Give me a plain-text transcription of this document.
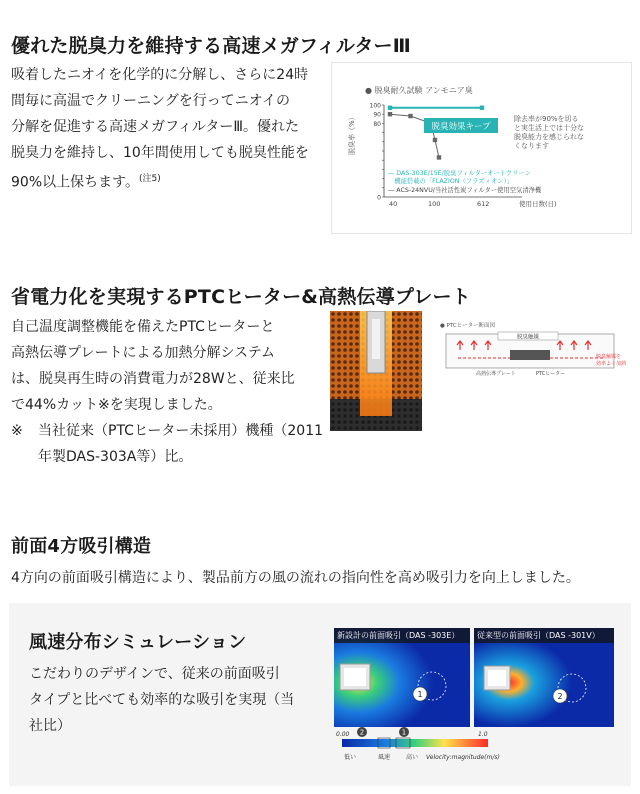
優れた脱臭力を維持する高速メガフィルターⅢ

吸着したニオイを化学的に分解し、さらに24時

間毎に高温でクリーニングを行ってニオイの

分解を促進する高速メガフィルターⅢ。優れた

脱臭力を維持し、10年間使用しても脱臭性能を

90%以上保ちます。$^{(注5)}$

● 脱臭耐久試験 アンモニア臭
100
90
80
0
脱臭率（%）
40	100	612	使用日数(日)
脱臭効果キープ
除去率が90%を切る
と実生活上では十分な
脱臭能力を感じられな
くなります
― DAS-303E/15E/脱臭フィルターオートクリーン
　機能搭載の「FLAZION（フラズィオン）」
― ACS-24NVU/当社活性炭フィルター使用空気清浄機
省電力化を実現するPTCヒーター&高熱伝導プレート

自己温度調整機能を備えたPTCヒーターと

高熱伝導プレートによる加熱分解システム

は、脱臭再生時の消費電力が28Wと、従来比

で44%カット※を実現しました。

※	当社従来（PTCヒーター未採用）機種（2011

年製DAS-303A等）比。

● PTCヒーター断面図
脱臭触媒
高熱伝導プレート	PTCヒーター
脱臭触媒を
効率よく加熱
前面4方吸引構造
4方向の前面吸引構造により、製品前方の風の流れの指向性を高め吸引力を向上しました。
風速分布シミュレーション

こだわりのデザインで、従来の前面吸引

タイプと比べても効率的な吸引を実現（当

社比）

1
新設計の前面吸引（DAS -303E）
2
従来型の前面吸引（DAS -301V）
0.00	1.0
2	1
低い	風速	高い Velocity:magnitude(m/s)
